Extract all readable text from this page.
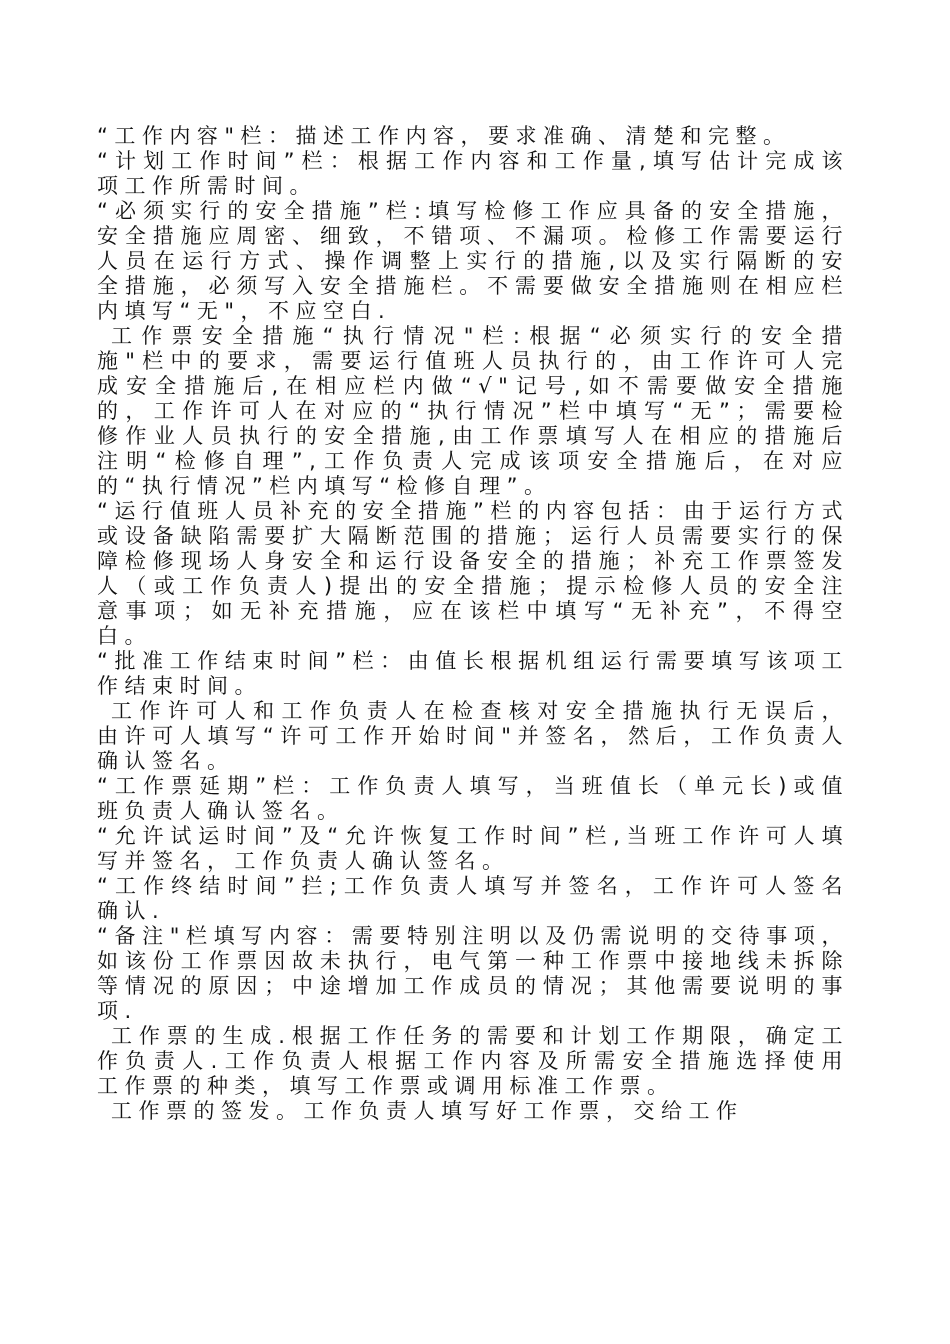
“工作内容"栏：描述工作内容，要求准确、清楚和完整。

“计划工作时间”栏：根据工作内容和工作量,填写估计完成该项工作所需时间。

“必须实行的安全措施”栏:填写检修工作应具备的安全措施，安全措施应周密、细致，不错项、不漏项。检修工作需要运行人员在运行方式、操作调整上实行的措施,以及实行隔断的安全措施，必须写入安全措施栏。不需要做安全措施则在相应栏内填写“无"，不应空白.

工作票安全措施“执行情况"栏:根据“必须实行的安全措施"栏中的要求，需要运行值班人员执行的，由工作许可人完成安全措施后,在相应栏内做“√"记号,如不需要做安全措施的，工作许可人在对应的“执行情况”栏中填写“无”；需要检修作业人员执行的安全措施,由工作票填写人在相应的措施后注明“检修自理”,工作负责人完成该项安全措施后，在对应的“执行情况”栏内填写“检修自理”。

“运行值班人员补充的安全措施”栏的内容包括：由于运行方式或设备缺陷需要扩大隔断范围的措施；运行人员需要实行的保障检修现场人身安全和运行设备安全的措施；补充工作票签发人（或工作负责人)提出的安全措施；提示检修人员的安全注意事项；如无补充措施，应在该栏中填写“无补充”，不得空白。

“批准工作结束时间”栏：由值长根据机组运行需要填写该项工作结束时间。

工作许可人和工作负责人在检查核对安全措施执行无误后，由许可人填写“许可工作开始时间"并签名，然后，工作负责人确认签名。

“工作票延期”栏：工作负责人填写，当班值长（单元长)或值班负责人确认签名。

“允许试运时间”及“允许恢复工作时间”栏,当班工作许可人填写并签名，工作负责人确认签名。

“工作终结时间”拦;工作负责人填写并签名，工作许可人签名确认.

“备注"栏填写内容：需要特别注明以及仍需说明的交待事项，如该份工作票因故未执行，电气第一种工作票中接地线未拆除等情况的原因；中途增加工作成员的情况；其他需要说明的事项.

工作票的生成.根据工作任务的需要和计划工作期限，确定工作负责人.工作负责人根据工作内容及所需安全措施选择使用工作票的种类，填写工作票或调用标准工作票。

工作票的签发。工作负责人填写好工作票，交给工作
